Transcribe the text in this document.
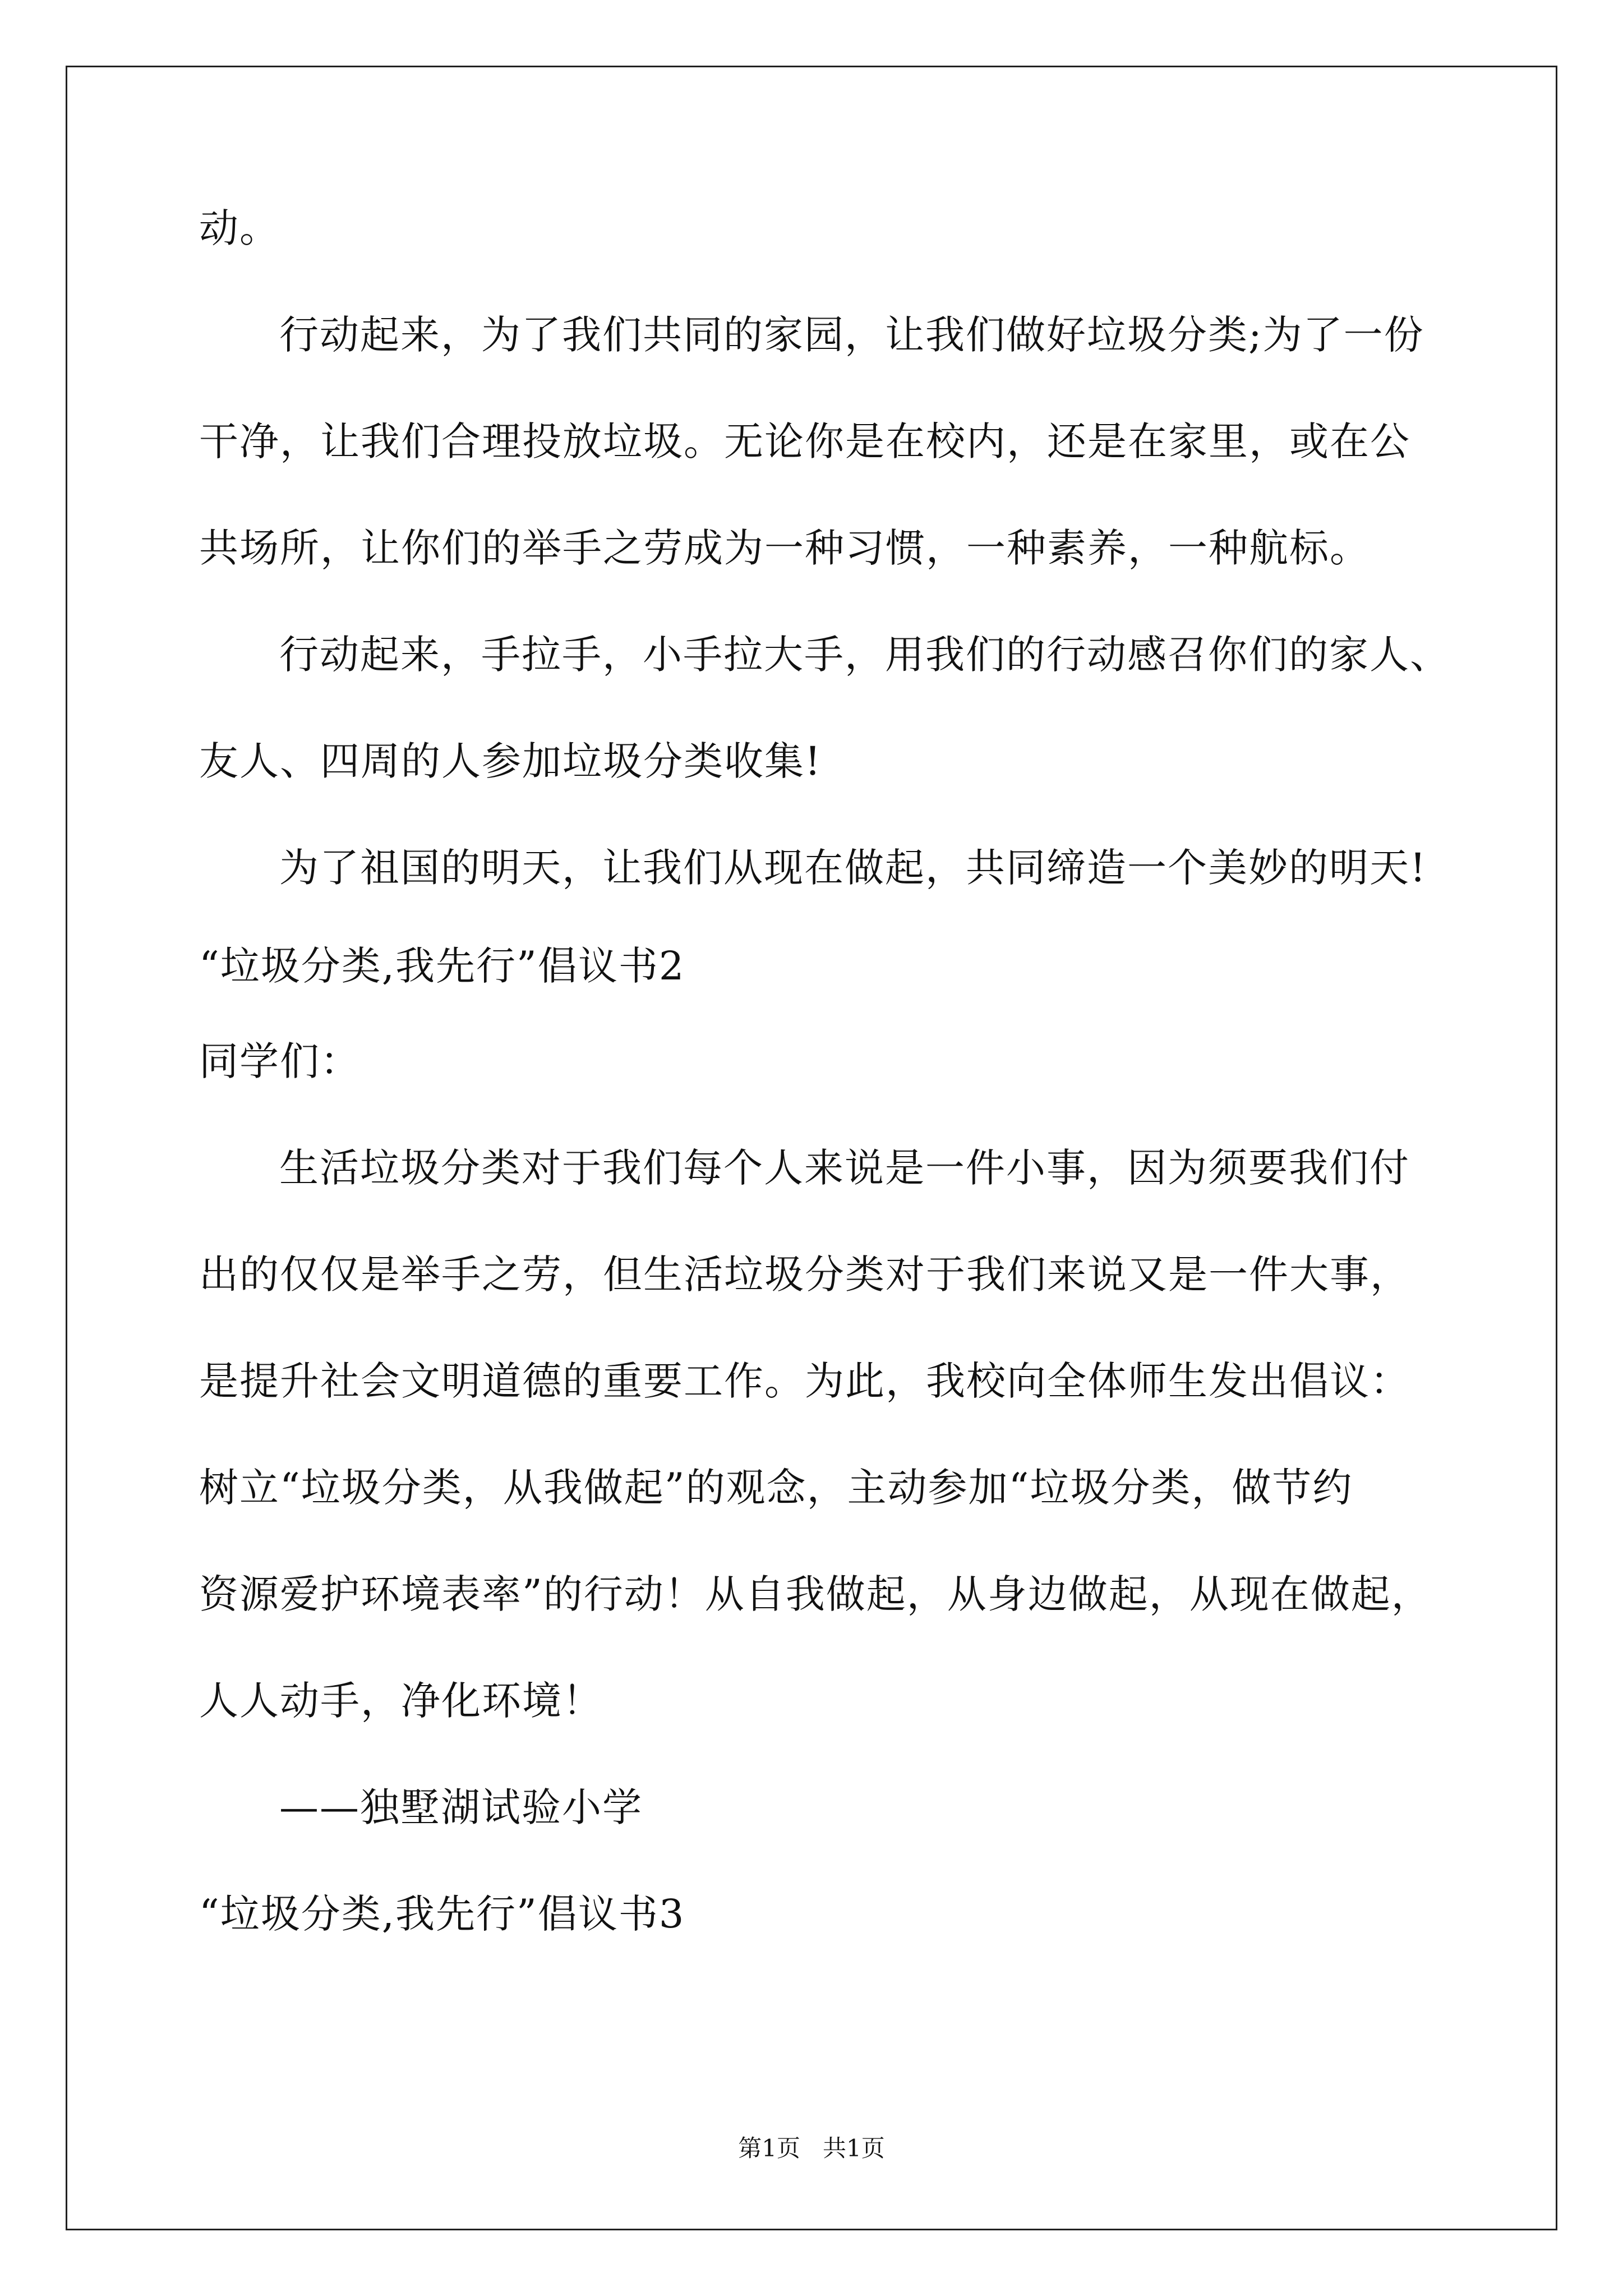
动。
行动起来，为了我们共同的家园，让我们做好垃圾分类;为了一份
干净，让我们合理投放垃圾。无论你是在校内，还是在家里，或在公
共场所，让你们的举手之劳成为一种习惯，一种素养，一种航标。
行动起来，手拉手，小手拉大手，用我们的行动感召你们的家人、
友人、四周的人参加垃圾分类收集!
为了祖国的明天，让我们从现在做起，共同缔造一个美妙的明天!
“垃圾分类,我先行”倡议书2
同学们：
生活垃圾分类对于我们每个人来说是一件小事，因为须要我们付
出的仅仅是举手之劳，但生活垃圾分类对于我们来说又是一件大事，
是提升社会文明道德的重要工作。为此，我校向全体师生发出倡议：
树立“垃圾分类，从我做起”的观念，主动参加“垃圾分类，做节约
资源爱护环境表率”的行动！从自我做起，从身边做起，从现在做起，
人人动手，净化环境！
——独墅湖试验小学
“垃圾分类,我先行”倡议书3
第1页 共1页
